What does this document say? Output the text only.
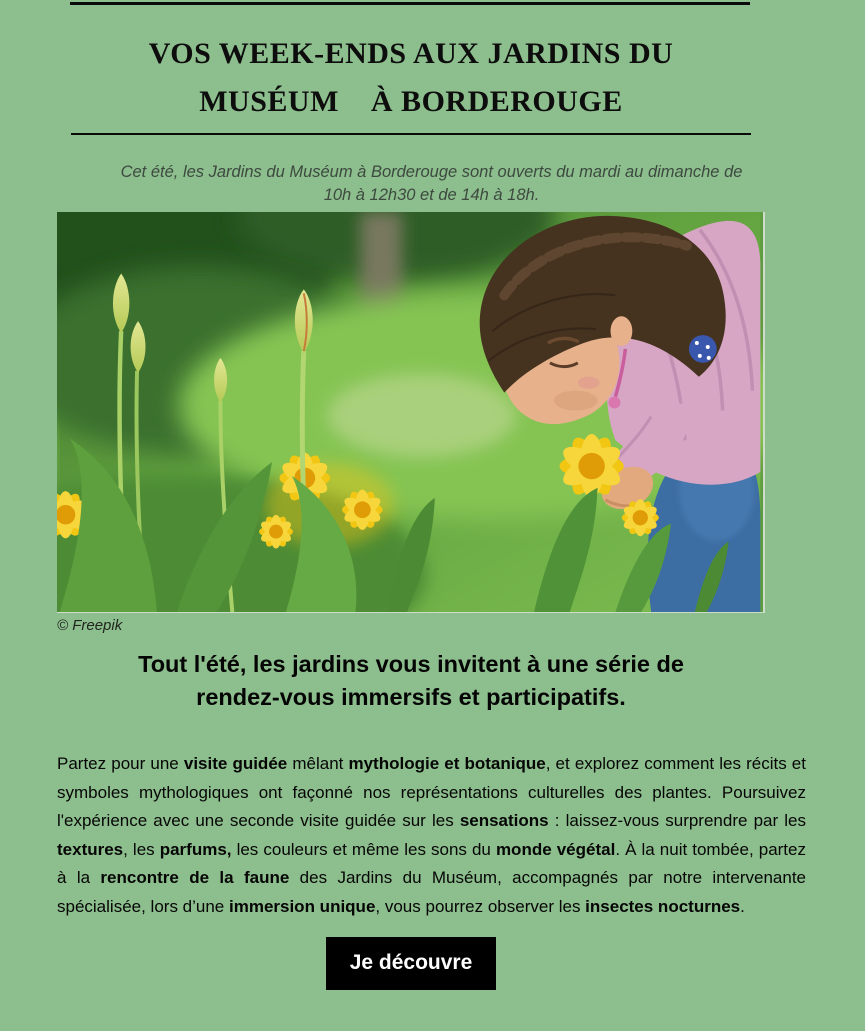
VOS WEEK-ENDS AUX JARDINS DU
MUSÉUM    À BORDEROUGE
Cet été, les Jardins du Muséum à Borderouge sont ouverts du mardi au dimanche de
10h à 12h30 et de 14h à 18h.
© Freepik
Tout l'été, les jardins vous invitent à une série de
rendez-vous immersifs et participatifs.

Partez pour une visite guidée mêlant mythologie et botanique, et explorez comment les récits et symboles mythologiques ont façonné nos représentations culturelles des plantes. Poursuivez l'expérience avec une seconde visite guidée sur les sensations : laissez-vous surprendre par les textures, les parfums, les couleurs et même les sons du monde végétal. À la nuit tombée, partez à la rencontre de la faune des Jardins du Muséum, accompagnés par notre intervenante spécialisée, lors d’une immersion unique, vous pourrez observer les insectes nocturnes.

Je découvre
